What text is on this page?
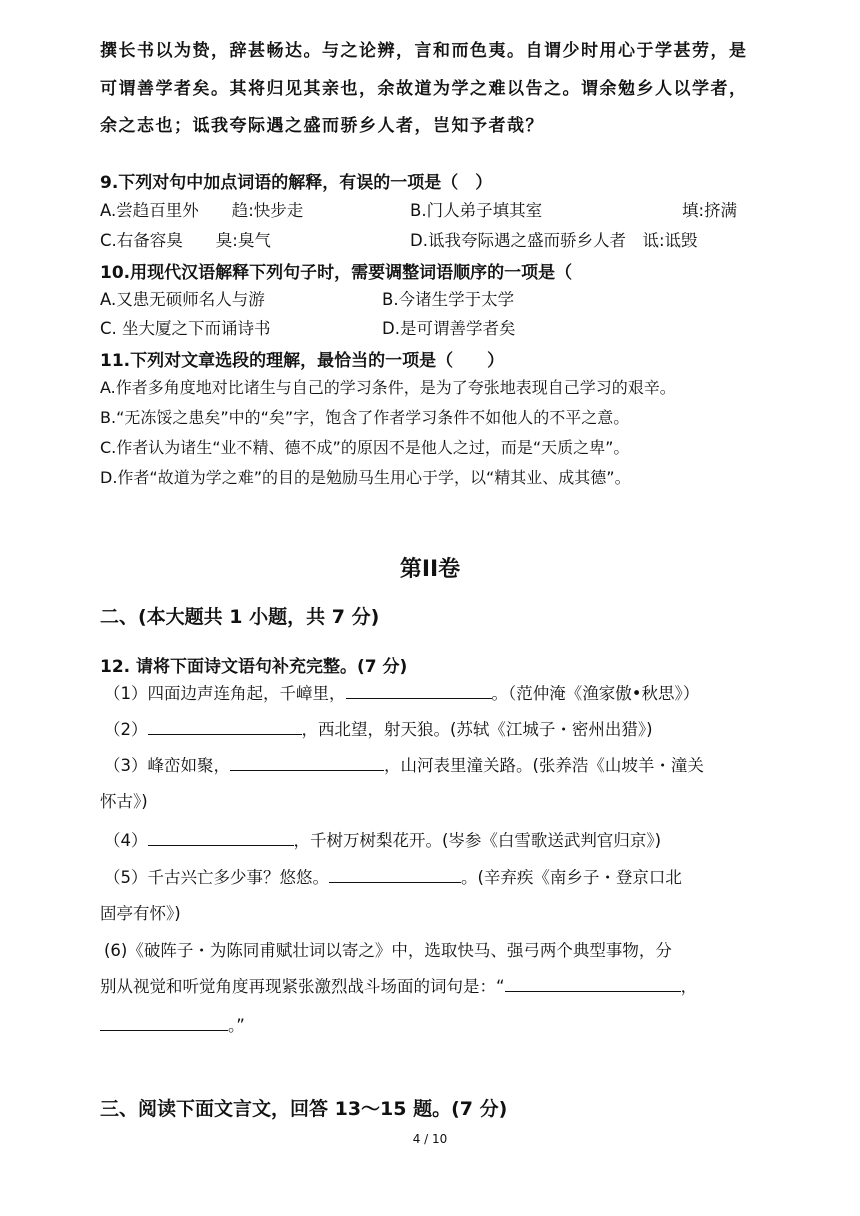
撰长书以为贽，辞甚畅达。与之论辨，言和而色夷。自谓少时用心于学甚劳，是
可谓善学者矣。其将归见其亲也，余故道为学之难以告之。谓余勉乡人以学者，
余之志也；诋我夸际遇之盛而骄乡人者，岂知予者哉？
9.下列对句中加点词语的解释，有误的一项是（　）
A.尝趋百里外　　趋:快步走	B.门人弟子填其室	填:挤满
C.右备容臭　　臭:臭气	D.诋我夸际遇之盛而骄乡人者　诋:诋毁
10.用现代汉语解释下列句子时，需要调整词语顺序的一项是（
A.又患无硕师名人与游	B.今诸生学于太学
C. 坐大厦之下而诵诗书	D.是可谓善学者矣
11.下列对文章选段的理解，最恰当的一项是（　　）
A.作者多角度地对比诸生与自己的学习条件，是为了夸张地表现自己学习的艰辛。
B.“无冻馁之患矣”中的“矣”字，饱含了作者学习条件不如他人的不平之意。
C.作者认为诸生“业不精、德不成”的原因不是他人之过，而是“天质之卑”。
D.作者“故道为学之难”的目的是勉励马生用心于学，以“精其业、成其德”。
第II卷
二、(本大题共 1 小题，共 7 分)
12. 请将下面诗文语句补充完整。(7 分)
（1）四面边声连角起，千嶂里，	。（范仲淹《渔家傲•秋思》）
（2）	，西北望，射天狼。(苏轼《江城子・密州出猎》)
（3）峰峦如聚，	，山河表里潼关路。(张养浩《山坡羊・潼关
怀古》)
（4）	，千树万树梨花开。(岑参《白雪歌送武判官归京》)
（5）千古兴亡多少事？悠悠。	。(辛弃疾《南乡子・登京口北
固亭有怀》)
(6)《破阵子・为陈同甫赋壮词以寄之》中，选取快马、强弓两个典型事物，分
别从视觉和听觉角度再现紧张激烈战斗场面的词句是：“	，
。”
三、阅读下面文言文，回答 13～15 题。(7 分)
4 / 10
